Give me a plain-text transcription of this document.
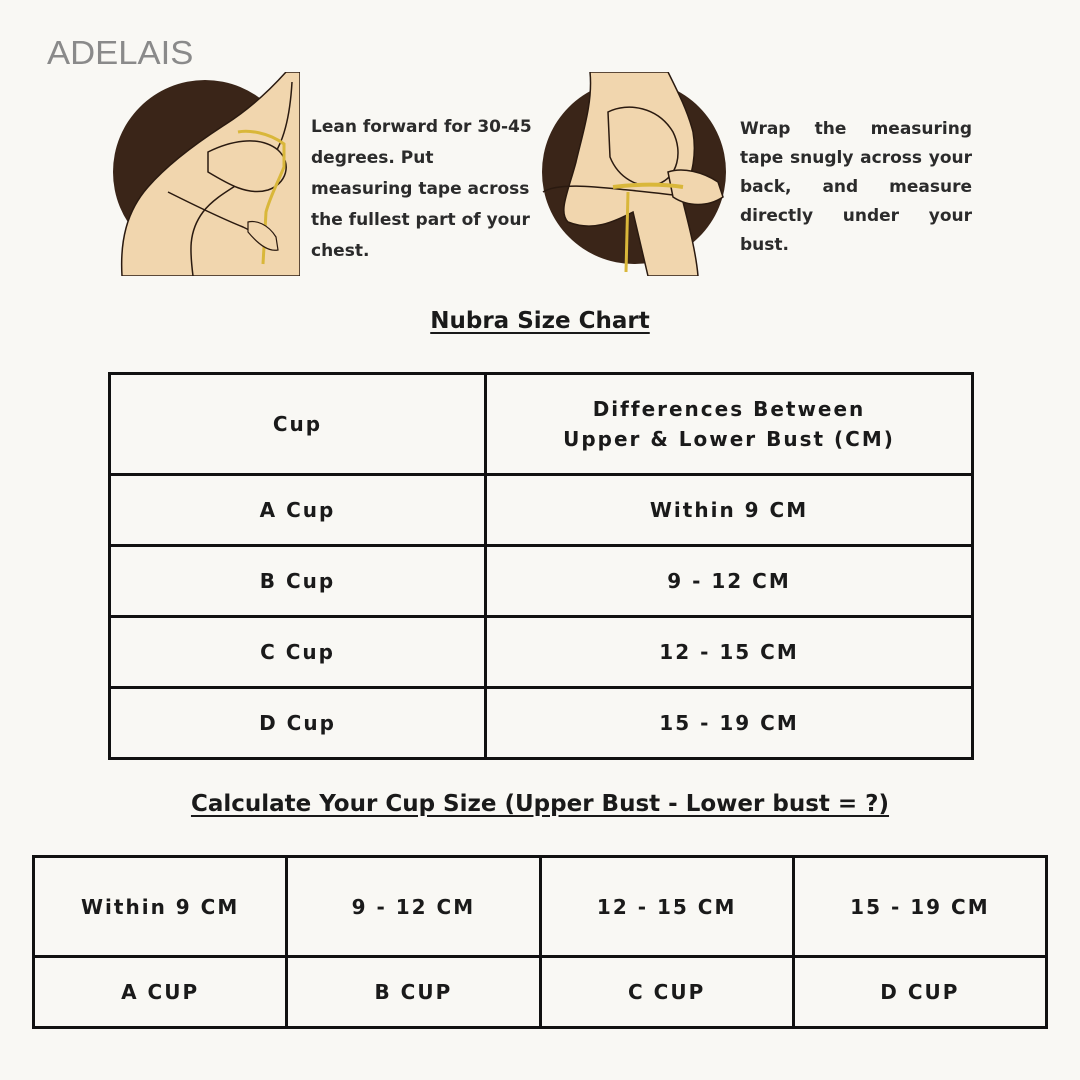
ADELAIS
Lean forward for 30-45 degrees. Put measuring tape across the fullest part of your chest.
Wrap the measuring tape snugly across your back, and measure directly under your bust.
Nubra Size Chart
Cup	Differences Between
Upper & Lower Bust (CM)
A Cup	Within 9 CM
B Cup	9 - 12 CM
C Cup	12 - 15 CM
D Cup	15 - 19 CM
Calculate Your Cup Size (Upper Bust - Lower bust = ?)
Within 9 CM	9 - 12 CM	12 - 15 CM	15 - 19 CM
A CUP	B CUP	C CUP	D CUP
